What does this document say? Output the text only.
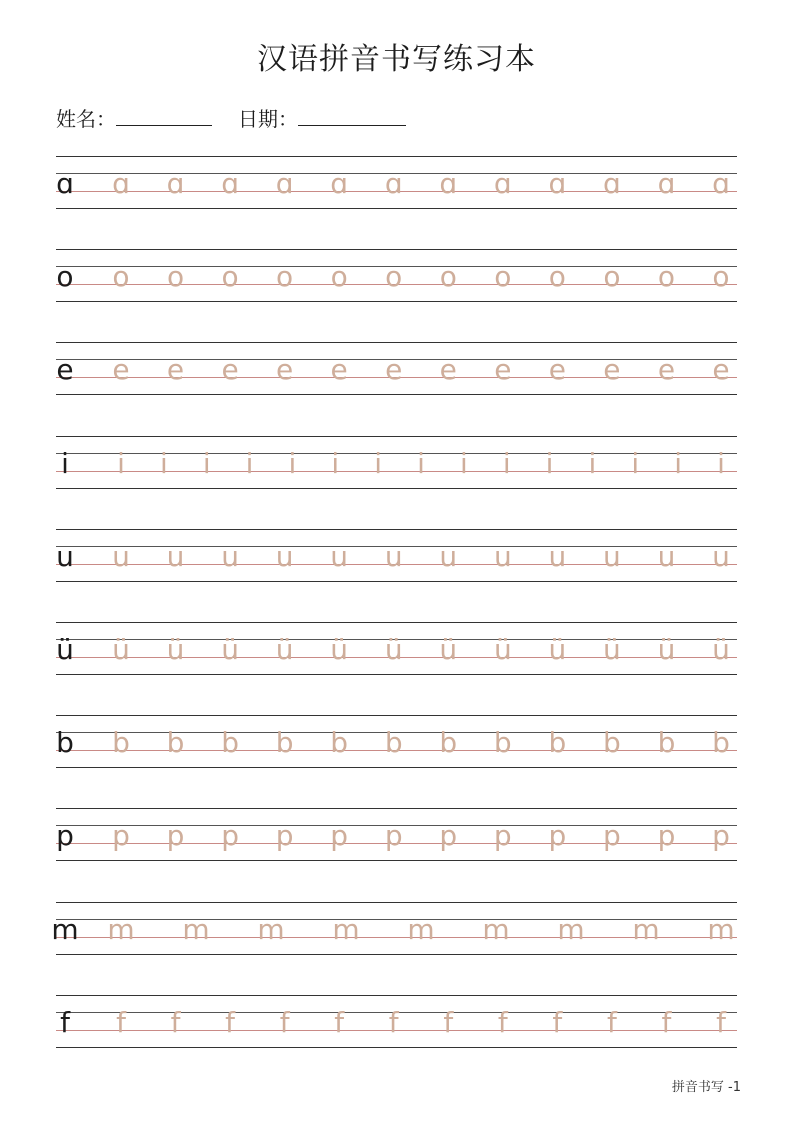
汉语拼音书写练习本
姓名：	日期：
ɑ ɑ ɑ ɑ ɑ ɑ ɑ ɑ ɑ ɑ ɑ ɑ ɑ
o o o o o o o o o o o o o
e e e e e e e e e e e e e
i	i	i	i	i	i	i	i	i	i	i	i	i	i	i	i
u u u u u u u u u u u u u
ü ü ü ü ü ü ü ü ü ü ü ü ü
b b b b b b b b b b b b b
p p p p p p p p p p p p p
m m m m m m m m m m
f	f	f	f	f	f	f	f	f	f	f	f	f
拼音书写 -1
